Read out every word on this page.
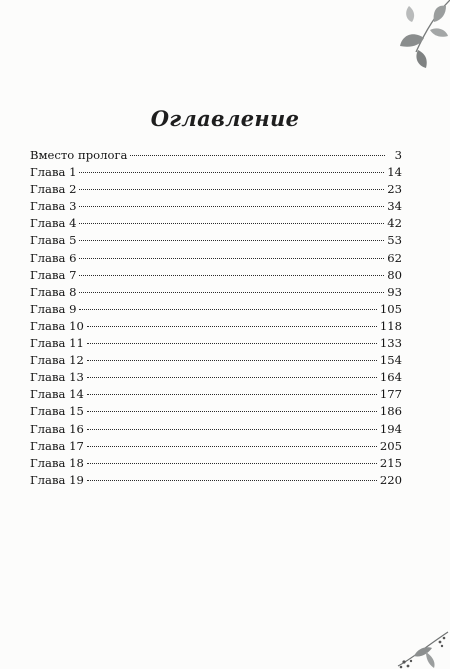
Оглавление
Вместо пролога	3
Глава 1	14
Глава 2	23
Глава 3	34
Глава 4	42
Глава 5	53
Глава 6	62
Глава 7	80
Глава 8	93
Глава 9	105
Глава 10	118
Глава 11	133
Глава 12	154
Глава 13	164
Глава 14	177
Глава 15	186
Глава 16	194
Глава 17	205
Глава 18	215
Глава 19	220
